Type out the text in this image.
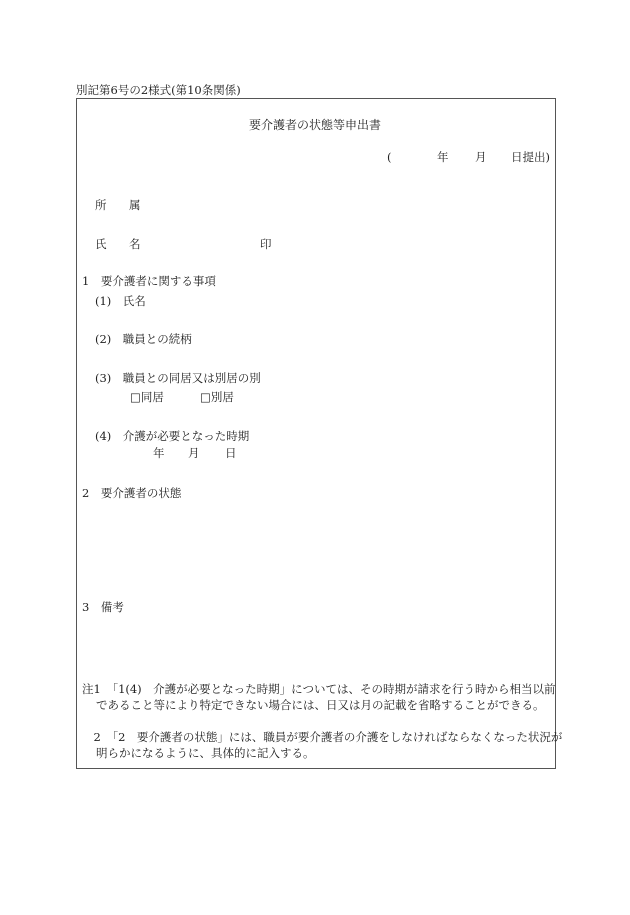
別記第6号の2様式(第10条関係)
要介護者の状態等申出書
(	年 月 日提出)
所 属
氏 名	印
1　要介護者に関する事項
(1)　氏名
(2)　職員との続柄
(3)　職員との同居又は別居の別
□同居	□別居
(4)　介護が必要となった時期
年 月 日
2　要介護者の状態
3　備考
注1　「1(4)　介護が必要となった時期」については、その時期が請求を行う時から相当以前であること等により特定できない場合には、日又は月の記載を省略することができる。
　2　「2　要介護者の状態」には、職員が要介護者の介護をしなければならなくなった状況が明らかになるように、具体的に記入する。
